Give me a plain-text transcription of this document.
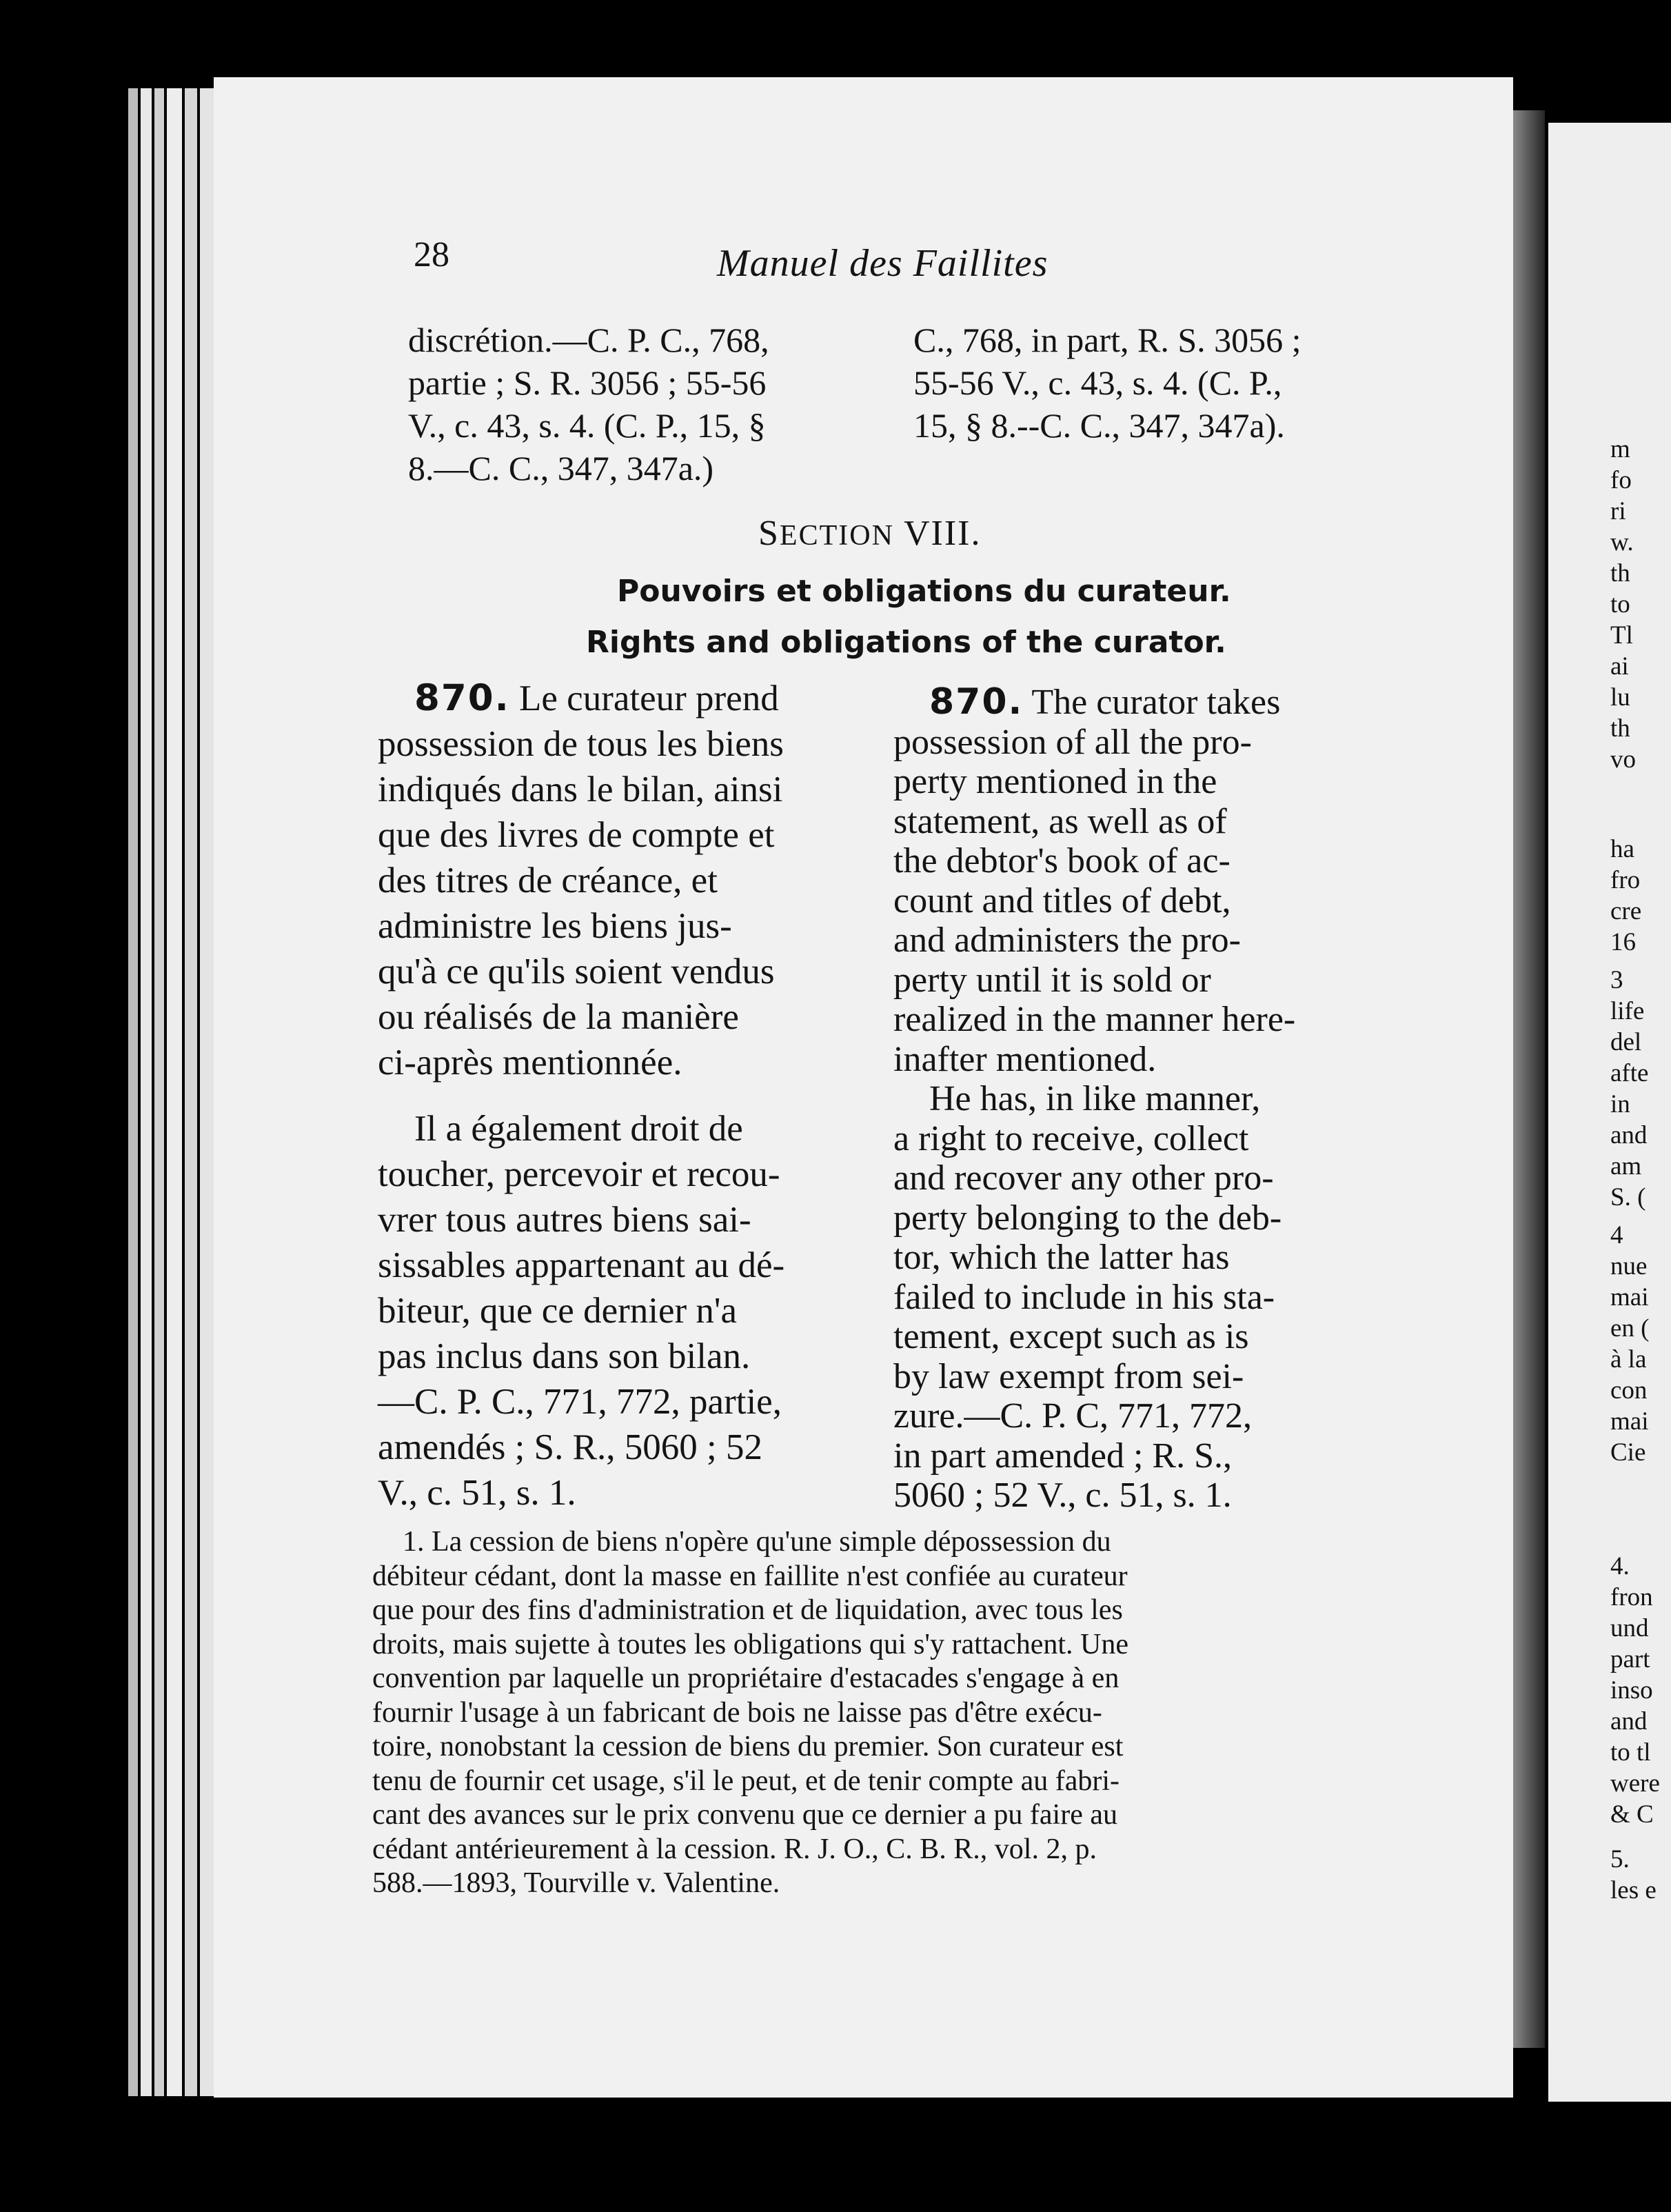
m
fo
ri
w.
th
to
Tl
ai
lu
th
vo
ha
fro
cre
16
3
life
del
afte
in
and
am
S. (
4
nue
mai
en (
à la
con
mai
Cie
4.
fron
und
part
inso
and
to tl
were
& C
5.
les e
28	Manuel des Faillites
discrétion.—C. P. C., 768,
partie ; S. R. 3056 ; 55-56
V., c. 43, s. 4. (C. P., 15, §
8.—C. C., 347, 347a.)
C., 768, in part, R. S. 3056 ;
55-56 V., c. 43, s. 4. (C. P.,
15, § 8.--C. C., 347, 347a).
SECTION VIII.
Pouvoirs et obligations du curateur.
Rights and obligations of the curator.
 870. Le curateur prend
possession de tous les biens
indiqués dans le bilan, ainsi
que des livres de compte et
des titres de créance, et
administre les biens jus-
qu'à ce qu'ils soient vendus
ou réalisés de la manière
ci-après mentionnée.
 Il a également droit de
toucher, percevoir et recou-
vrer tous autres biens sai-
sissables appartenant au dé-
biteur, que ce dernier n'a
pas inclus dans son bilan.
—C. P. C., 771, 772, partie,
amendés ; S. R., 5060 ; 52
V., c. 51, s. 1.
 870. The curator takes
possession of all the pro-
perty mentioned in the
statement, as well as of
the debtor's book of ac-
count and titles of debt,
and administers the pro-
perty until it is sold or
realized in the manner here-
inafter mentioned.
 He has, in like manner,
a right to receive, collect
and recover any other pro-
perty belonging to the deb-
tor, which the latter has
failed to include in his sta-
tement, except such as is
by law exempt from sei-
zure.—C. P. C, 771, 772,
in part amended ; R. S.,
5060 ; 52 V., c. 51, s. 1.
1. La cession de biens n'opère qu'une simple dépossession du
débiteur cédant, dont la masse en faillite n'est confiée au curateur
que pour des fins d'administration et de liquidation, avec tous les
droits, mais sujette à toutes les obligations qui s'y rattachent. Une
convention par laquelle un propriétaire d'estacades s'engage à en
fournir l'usage à un fabricant de bois ne laisse pas d'être exécu-
toire, nonobstant la cession de biens du premier. Son curateur est
tenu de fournir cet usage, s'il le peut, et de tenir compte au fabri-
cant des avances sur le prix convenu que ce dernier a pu faire au
cédant antérieurement à la cession. R. J. O., C. B. R., vol. 2, p.
588.—1893, Tourville v. Valentine.
